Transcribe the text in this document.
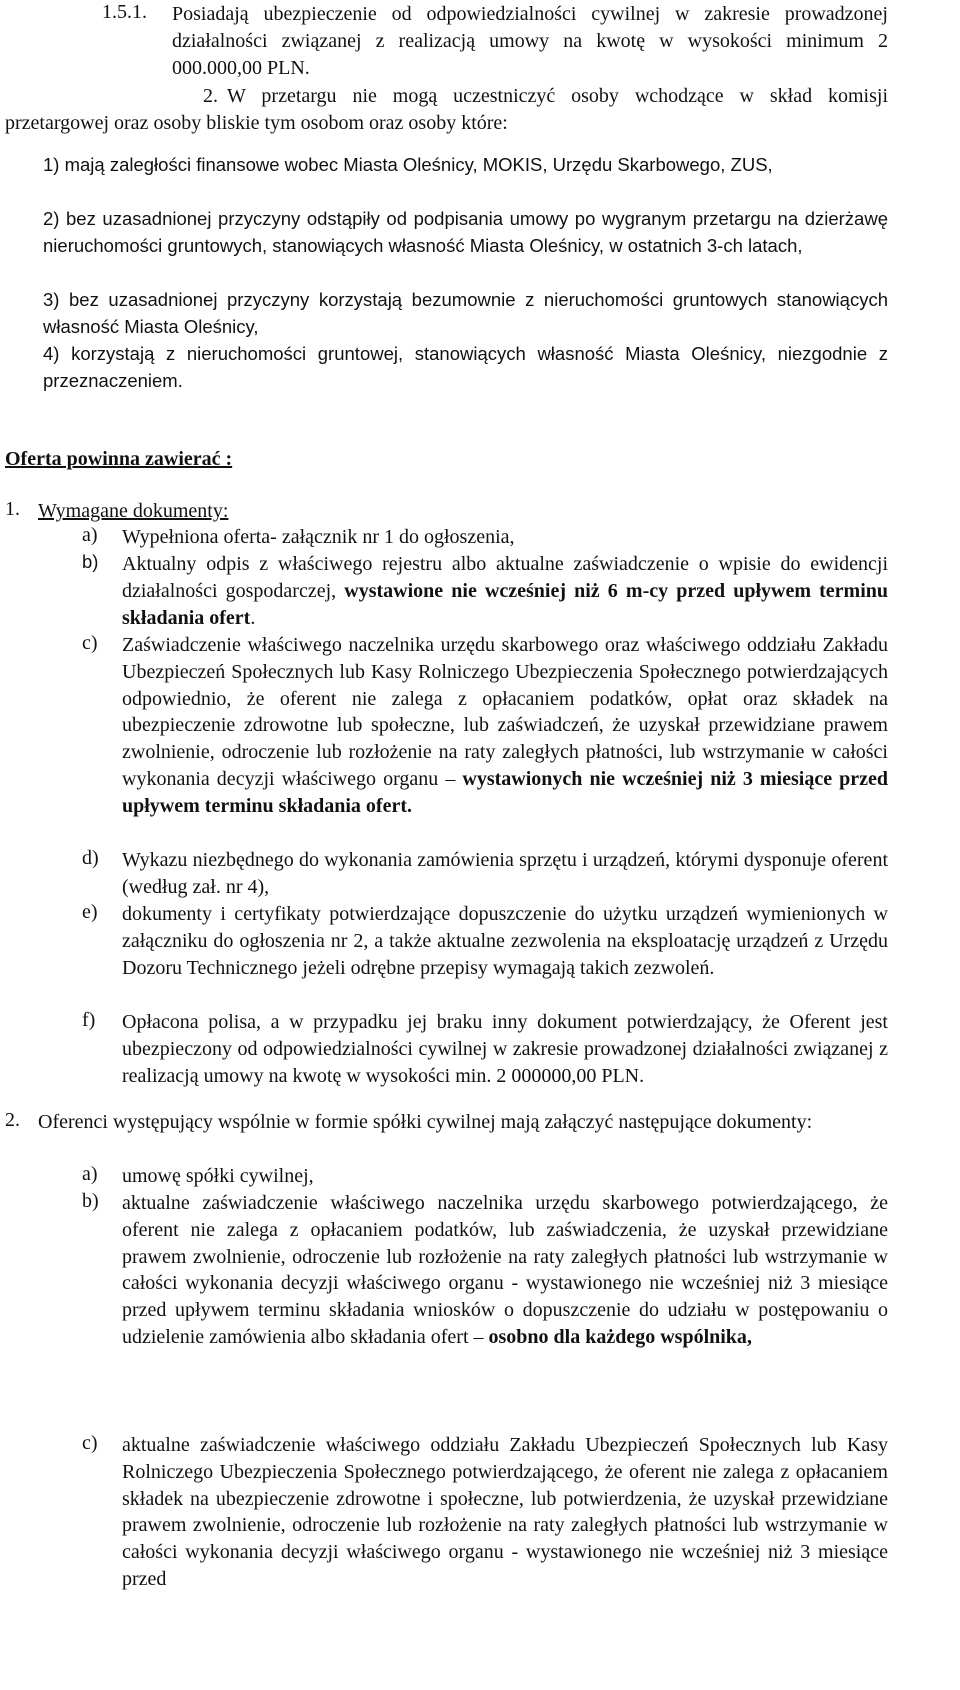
1.5.1. Posiadają ubezpieczenie od odpowiedzialności cywilnej w zakresie prowadzonej działalności związanej z realizacją umowy na kwotę w wysokości minimum 2 000.000,00 PLN.
2. W przetargu nie mogą uczestniczyć osoby wchodzące w skład komisji przetargowej oraz osoby bliskie tym osobom oraz osoby które:
1) mają zaległości finansowe wobec Miasta Oleśnicy, MOKIS, Urzędu Skarbowego, ZUS,
2) bez uzasadnionej przyczyny odstąpiły od podpisania umowy po wygranym przetargu na dzierżawę nieruchomości gruntowych, stanowiących własność Miasta Oleśnicy, w ostatnich 3-ch latach,
3) bez uzasadnionej przyczyny korzystają bezumownie z nieruchomości gruntowych stanowiących własność Miasta Oleśnicy,
4) korzystają z nieruchomości gruntowej, stanowiących własność Miasta Oleśnicy, niezgodnie z przeznaczeniem.
Oferta powinna zawierać :
1. Wymagane dokumenty:
a) Wypełniona oferta- załącznik nr 1 do ogłoszenia,
b) Aktualny odpis z właściwego rejestru albo aktualne zaświadczenie o wpisie do ewidencji działalności gospodarczej, wystawione nie wcześniej niż 6 m-cy przed upływem terminu składania ofert.
c) Zaświadczenie właściwego naczelnika urzędu skarbowego oraz właściwego oddziału Zakładu Ubezpieczeń Społecznych lub Kasy Rolniczego Ubezpieczenia Społecznego potwierdzających odpowiednio, że oferent nie zalega z opłacaniem podatków, opłat oraz składek na ubezpieczenie zdrowotne lub społeczne, lub zaświadczeń, że uzyskał przewidziane prawem zwolnienie, odroczenie lub rozłożenie na raty zaległych płatności, lub wstrzymanie w całości wykonania decyzji właściwego organu – wystawionych nie wcześniej niż 3 miesiące przed upływem terminu składania ofert.
d) Wykazu niezbędnego do wykonania zamówienia sprzętu i urządzeń, którymi dysponuje oferent (według zał. nr 4),
e) dokumenty i certyfikaty potwierdzające dopuszczenie do użytku urządzeń wymienionych w załączniku do ogłoszenia nr 2, a także aktualne zezwolenia na eksploatację urządzeń z Urzędu Dozoru Technicznego jeżeli odrębne przepisy wymagają takich zezwoleń.
f) Opłacona polisa, a w przypadku jej braku inny dokument potwierdzający, że Oferent jest ubezpieczony od odpowiedzialności cywilnej w zakresie prowadzonej działalności związanej z realizacją umowy na kwotę w wysokości min. 2 000000,00 PLN.
2. Oferenci występujący wspólnie w formie spółki cywilnej mają załączyć następujące dokumenty:
a) umowę spółki cywilnej,
b) aktualne zaświadczenie właściwego naczelnika urzędu skarbowego potwierdzającego, że oferent nie zalega z opłacaniem podatków, lub zaświadczenia, że uzyskał przewidziane prawem zwolnienie, odroczenie lub rozłożenie na raty zaległych płatności lub wstrzymanie w całości wykonania decyzji właściwego organu - wystawionego nie wcześniej niż 3 miesiące przed upływem terminu składania wniosków o dopuszczenie do udziału w postępowaniu o udzielenie zamówienia albo składania ofert – osobno dla każdego wspólnika,
c) aktualne zaświadczenie właściwego oddziału Zakładu Ubezpieczeń Społecznych lub Kasy Rolniczego Ubezpieczenia Społecznego potwierdzającego, że oferent nie zalega z opłacaniem składek na ubezpieczenie zdrowotne i społeczne, lub potwierdzenia, że uzyskał przewidziane prawem zwolnienie, odroczenie lub rozłożenie na raty zaległych płatności lub wstrzymanie w całości wykonania decyzji właściwego organu - wystawionego nie wcześniej niż 3 miesiące przed
